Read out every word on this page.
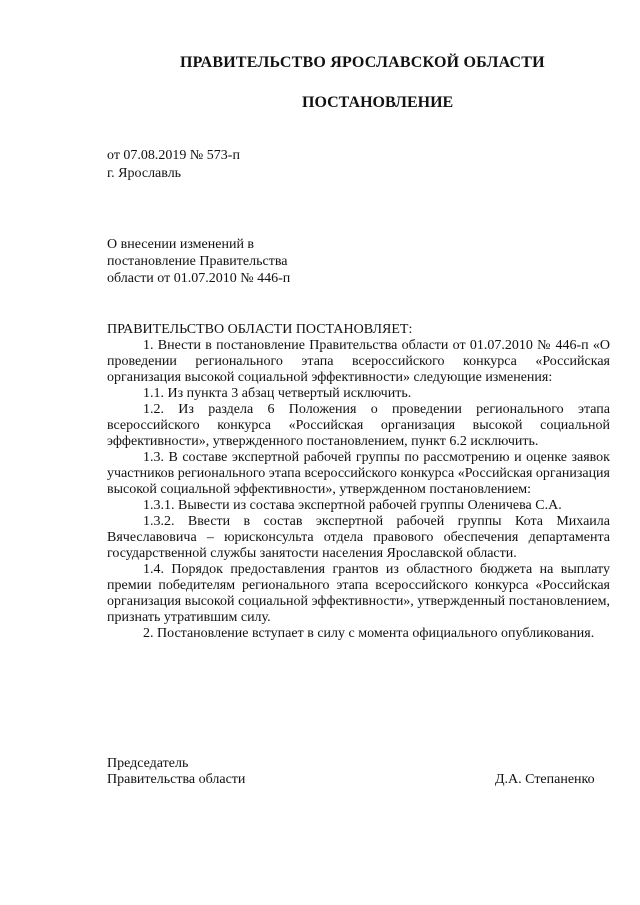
ПРАВИТЕЛЬСТВО ЯРОСЛАВСКОЙ ОБЛАСТИ
ПОСТАНОВЛЕНИЕ
от 07.08.2019 № 573-п
г. Ярославль
О внесении изменений в
постановление Правительства
области от 01.07.2010 № 446-п

ПРАВИТЕЛЬСТВО ОБЛАСТИ ПОСТАНОВЛЯЕТ:

1. Внести в постановление Правительства области от 01.07.2010 № 446-п «О проведении регионального этапа всероссийского конкурса «Российская организация высокой социальной эффективности» следующие изменения:

1.1. Из пункта 3 абзац четвертый исключить.

1.2. Из раздела 6 Положения о проведении регионального этапа всероссийского конкурса «Российская организация высокой социальной эффективности», утвержденного постановлением, пункт 6.2 исключить.

1.3. В составе экспертной рабочей группы по рассмотрению и оценке заявок участников регионального этапа всероссийского конкурса «Российская организация высокой социальной эффективности», утвержденном постановлением:

1.3.1. Вывести из состава экспертной рабочей группы Оленичева С.А.

1.3.2. Ввести в состав экспертной рабочей группы Кота Михаила Вячеславовича – юрисконсульта отдела правового обеспечения департамента государственной службы занятости населения Ярославской области.

1.4. Порядок предоставления грантов из областного бюджета на выплату премии победителям регионального этапа всероссийского конкурса «Российская организация высокой социальной эффективности», утвержденный постановлением, признать утратившим силу.

2. Постановление вступает в силу с момента официального опубликования.

Председатель
Правительства области	Д.А. Степаненко
